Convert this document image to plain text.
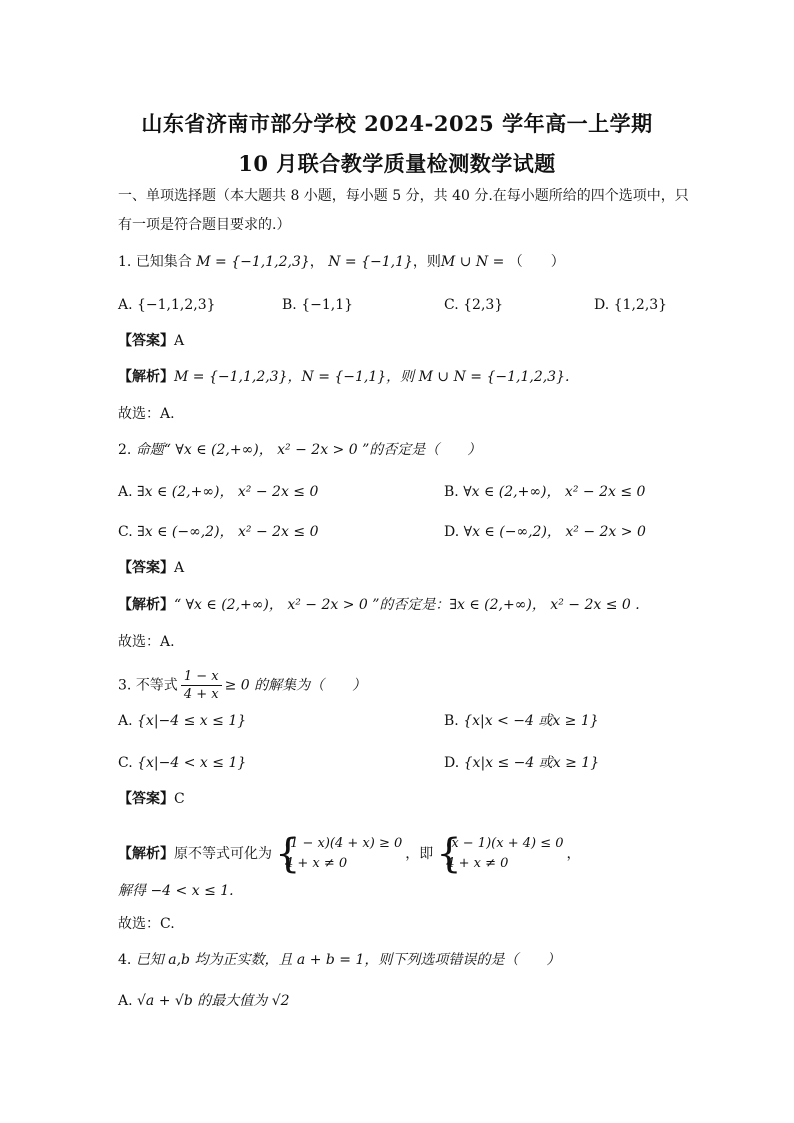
山东省济南市部分学校 2024-2025 学年高一上学期
10 月联合教学质量检测数学试题
一、单项选择题（本大题共 8 小题，每小题 5 分，共 40 分.在每小题所给的四个选项中，只
有一项是符合题目要求的.）
1. 已知集合 M = {−1,1,2,3}， N = {−1,1}，则M ∪ N = （　　）
A. {−1,1,2,3}	B. {−1,1}	C. {2,3}	D. {1,2,3}
【答案】A
【解析】M = {−1,1,2,3}，N = {−1,1}，则 M ∪ N = {−1,1,2,3}.
故选：A.
2. 命题“ ∀x ∈ (2,+∞)， x² − 2x > 0 ”的否定是（　　）
A. ∃x ∈ (2,+∞)， x² − 2x ≤ 0	B. ∀x ∈ (2,+∞)， x² − 2x ≤ 0
C. ∃x ∈ (−∞,2)， x² − 2x ≤ 0	D. ∀x ∈ (−∞,2)， x² − 2x > 0
【答案】A
【解析】“ ∀x ∈ (2,+∞)， x² − 2x > 0 ”的否定是：∃x ∈ (2,+∞)， x² − 2x ≤ 0 .
故选：A.
3. 不等式 $\frac{1 - x}{4 + x} \ge 0$ 的解集为（　　）
A. {x|−4 ≤ x ≤ 1}	B. {x|x < −4 或x ≥ 1}
C. {x|−4 < x ≤ 1}	D. {x|x ≤ −4 或x ≥ 1}
【答案】C
【解析】原不等式可化为 {
(1 − x)(4 + x) ≥ 0
4 + x ≠ 0
，即 {
(x − 1)(x + 4) ≤ 0
4 + x ≠ 0
，
解得 −4 < x ≤ 1.
故选：C.
4. 已知 a,b 均为正实数，且 a + b = 1，则下列选项错误的是（　　）
A. √a + √b 的最大值为 √2
